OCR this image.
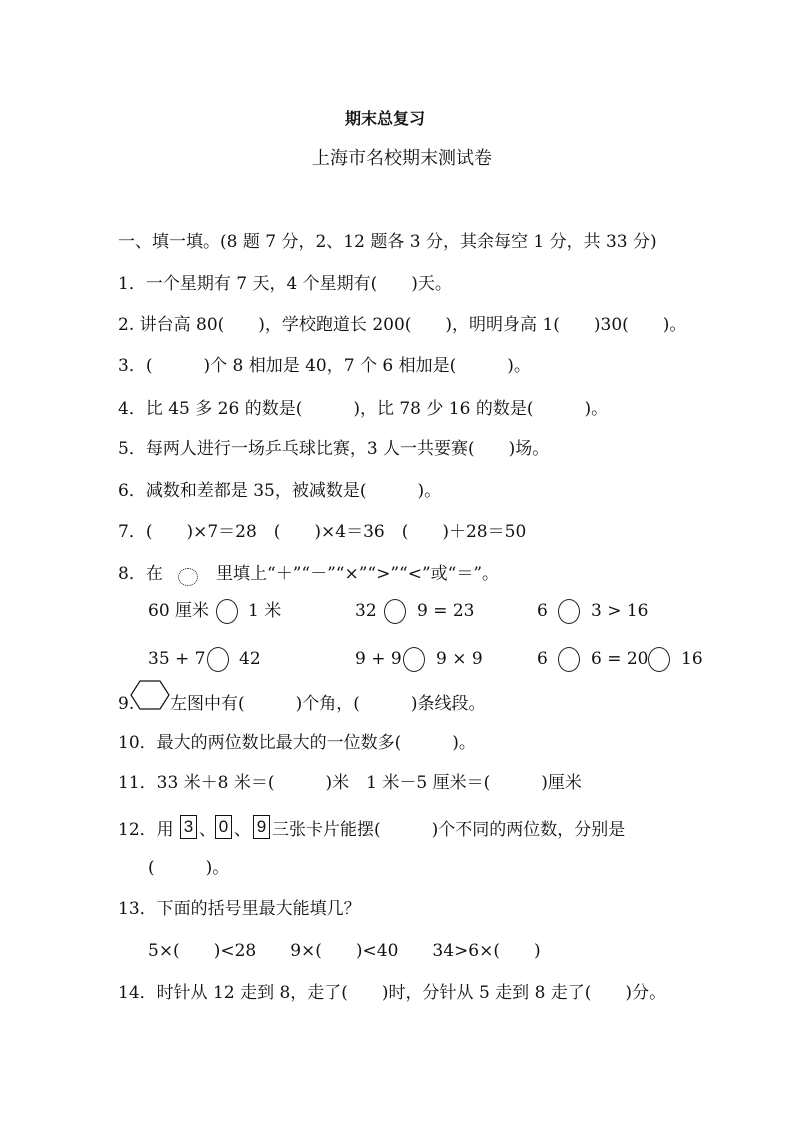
期末总复习
上海市名校期末测试卷
一、填一填。(8 题 7 分，2、12 题各 3 分，其余每空 1 分，共 33 分)
1．一个星期有 7 天，4 个星期有(　　)天。
2. 讲台高 80(　　)，学校跑道长 200(　　)，明明身高 1(　　)30(　　)。
3．(　　　)个 8 相加是 40，7 个 6 相加是(　　　)。
4．比 45 多 26 的数是(　　　)，比 78 少 16 的数是(　　　)。
5．每两人进行一场乒乓球比赛，3 人一共要赛(　　)场。
6．减数和差都是 35，被减数是(　　　)。
7．(　　)×7＝28　(　　)×4＝36　(　　)＋28＝50
8．在	里填上“＋”“－”“×”“>”“<”或“＝”。
60 厘米 1 米	32 9 = 23	6	3 > 16
35 + 7 42	9 + 9 9 × 9	6	6 = 20 16
9. 左图中有(　　　)个角，(　　　)条线段。
10．最大的两位数比最大的一位数多(　　　)。
11．33 米＋8 米＝(　　　)米　1 米－5 厘米＝(　　　)厘米
12．用 3 、 0 、 9 三张卡片能摆(　　　)个不同的两位数，分别是
(　　　)。
13．下面的括号里最大能填几？
5×(　　)<28　　9×(　　)<40　　34>6×(　　)
14．时针从 12 走到 8，走了(　　)时，分针从 5 走到 8 走了(　　)分。
